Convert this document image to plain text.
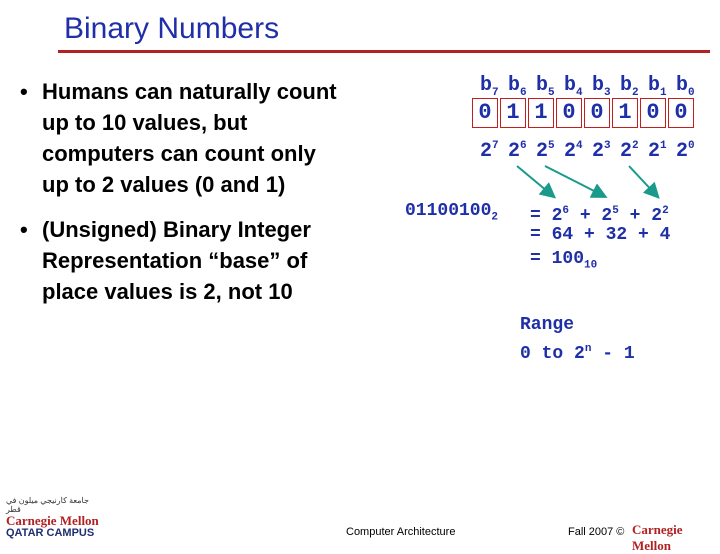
Binary Numbers
• Humans can naturally count
up to 10 values, but
computers can count only
up to 2 values (0 and 1)
• (Unsigned) Binary Integer
Representation “base” of
place values is 2, not 10
$b_7$ $b_6$ $b_5$ $b_4$ $b_3$ $b_2$ $b_1$ $b_0$
0 1 1 0 0 1 0 0
$2^7$ $2^6$ $2^5$ $2^4$ $2^3$ $2^2$ $2^1$ $2^0$
$01100100_2 = 2^6 + 2^5 + 2^2$
= 64 + 32 + 4
= $100_{10}$
Range
0 to 2$^n$ - 1
جامعة كارنيجي ميلون في قطر
Carnegie Mellon
QATAR CAMPUS	Computer Architecture	Fall 2007 © Carnegie Mellon
